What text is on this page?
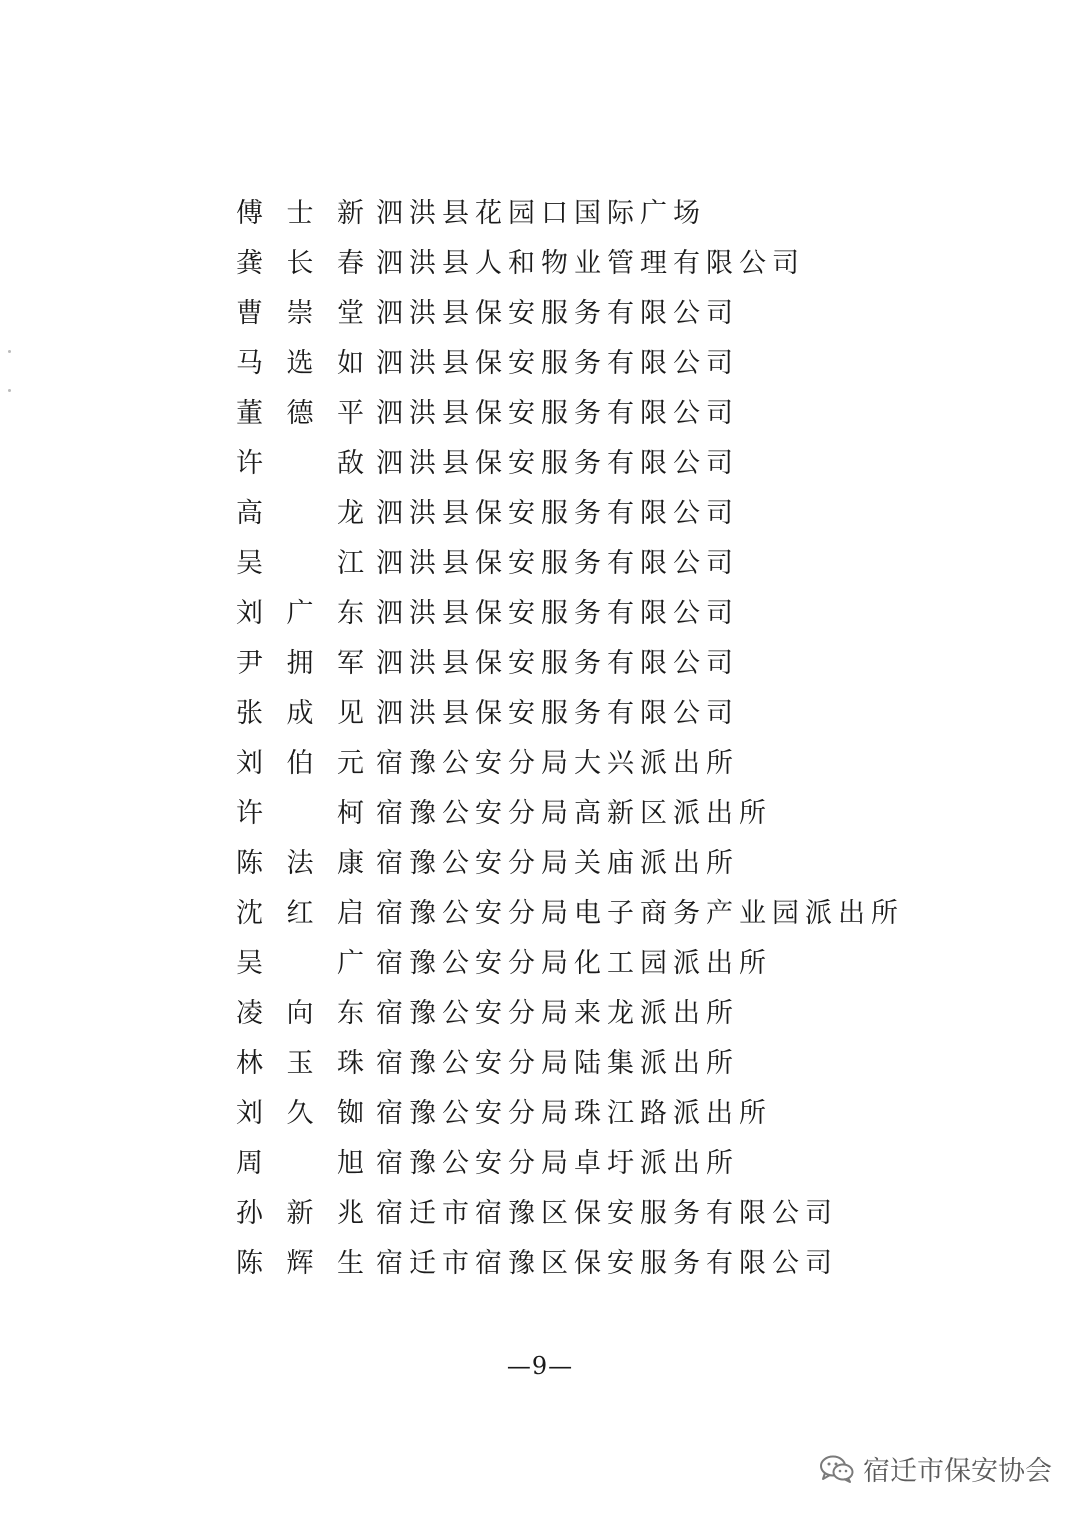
傅士新 泗洪县花园口国际广场
龚长春 泗洪县人和物业管理有限公司
曹崇堂 泗洪县保安服务有限公司
马选如 泗洪县保安服务有限公司
董德平 泗洪县保安服务有限公司
许 敌 泗洪县保安服务有限公司
高 龙 泗洪县保安服务有限公司
吴 江 泗洪县保安服务有限公司
刘广东 泗洪县保安服务有限公司
尹拥军 泗洪县保安服务有限公司
张成见 泗洪县保安服务有限公司
刘伯元 宿豫公安分局大兴派出所
许 柯 宿豫公安分局高新区派出所
陈法康 宿豫公安分局关庙派出所
沈红启 宿豫公安分局电子商务产业园派出所
吴 广 宿豫公安分局化工园派出所
凌向东 宿豫公安分局来龙派出所
林玉珠 宿豫公安分局陆集派出所
刘久铷 宿豫公安分局珠江路派出所
周 旭 宿豫公安分局卓圩派出所
孙新兆 宿迁市宿豫区保安服务有限公司
陈辉生 宿迁市宿豫区保安服务有限公司
—9—
宿迁市保安协会
